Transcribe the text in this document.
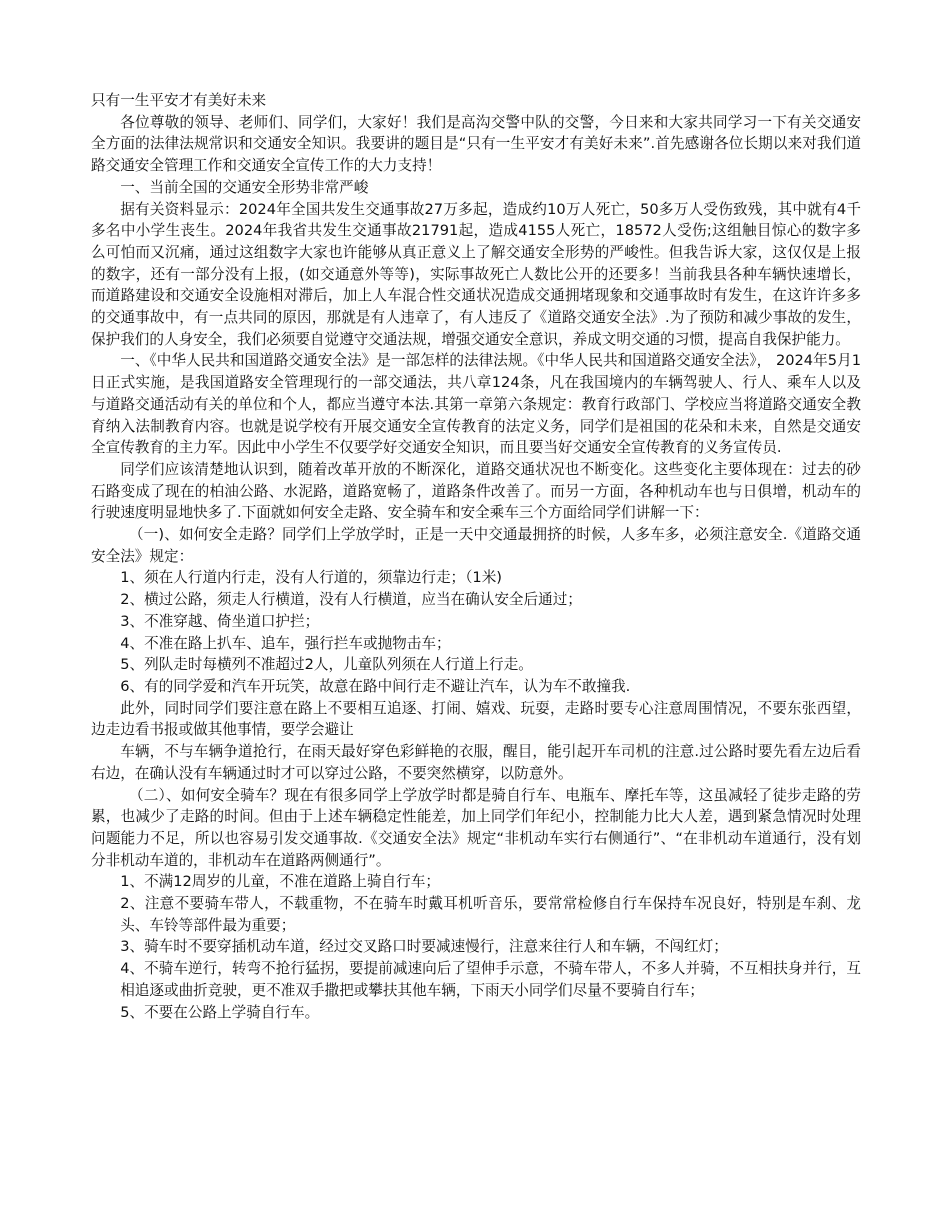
只有一生平安才有美好未来

各位尊敬的领导、老师们、同学们，大家好！我们是高沟交警中队的交警，今日来和大家共同学习一下有关交通安全方面的法律法规常识和交通安全知识。我要讲的题目是“只有一生平安才有美好未来”.首先感谢各位长期以来对我们道 路交通安全管理工作和交通安全宣传工作的大力支持！

一、当前全国的交通安全形势非常严峻

据有关资料显示：2024年全国共发生交通事故27万多起，造成约10万人死亡，50多万人受伤致残，其中就有4千多名中小学生丧生。2024年我省共发生交通事故21791起，造成4155人死亡，18572人受伤;这组触目惊心的数字多么可怕而又沉痛，通过这组数字大家也许能够从真正意义上了解交通安全形势的严峻性。但我告诉大家，这仅仅是上报的数字，还有一部分没有上报，(如交通意外等等)，实际事故死亡人数比公开的还要多！当前我县各种车辆快速增长，而道路建设和交通安全设施相对滞后，加上人车混合性交通状况造成交通拥堵现象和交通事故时有发生，在这许许多多的交通事故中，有一点共同的原因，那就是有人违章了，有人违反了《道路交通安全法》.为了预防和减少事故的发生，保护我们的人身安全，我们必须要自觉遵守交通法规，增强交通安全意识，养成文明交通的习惯，提高自我保护能力。

一、《中华人民共和国道路交通安全法》是一部怎样的法律法规。《中华人民共和国道路交通安全法》， 2024年5月1日正式实施，是我国道路安全管理现行的一部交通法，共八章124条，凡在我国境内的车辆驾驶人、行人、乘车人以及与道路交通活动有关的单位和个人，都应当遵守本法.其第一章第六条规定：教育行政部门、学校应当将道路交通安全教育纳入法制教育内容。也就是说学校有开展交通安全宣传教育的法定义务，同学们是祖国的花朵和未来，自然是交通安全宣传教育的主力军。因此中小学生不仅要学好交通安全知识，而且要当好交通安全宣传教育的义务宣传员.

同学们应该清楚地认识到，随着改革开放的不断深化，道路交通状况也不断变化。这些变化主要体现在：过去的砂石路变成了现在的柏油公路、水泥路，道路宽畅了，道路条件改善了。而另一方面，各种机动车也与日俱增，机动车的行驶速度明显地快多了.下面就如何安全走路、安全骑车和安全乘车三个方面给同学们讲解一下：

（一)、如何安全走路？同学们上学放学时，正是一天中交通最拥挤的时候，人多车多，必须注意安全.《道路交通安全法》规定：

1、须在人行道内行走，没有人行道的，须靠边行走；（1米)

2、横过公路，须走人行横道，没有人行横道，应当在确认安全后通过；

3、不准穿越、倚坐道口护拦；

4、不准在路上扒车、追车，强行拦车或抛物击车；

5、列队走时每横列不准超过2人，儿童队列须在人行道上行走。

6、有的同学爱和汽车开玩笑，故意在路中间行走不避让汽车，认为车不敢撞我.

此外，同时同学们要注意在路上不要相互追逐、打闹、嬉戏、玩耍，走路时要专心注意周围情况，不要东张西望，边走边看书报或做其他事情，要学会避让

车辆，不与车辆争道抢行，在雨天最好穿色彩鲜艳的衣服，醒目，能引起开车司机的注意.过公路时要先看左边后看右边，在确认没有车辆通过时才可以穿过公路，不要突然横穿，以防意外。

（二）、如何安全骑车？现在有很多同学上学放学时都是骑自行车、电瓶车、摩托车等，这虽减轻了徒步走路的劳累，也减少了走路的时间。但由于上述车辆稳定性能差，加上同学们年纪小，控制能力比大人差，遇到紧急情况时处理问题能力不足，所以也容易引发交通事故.《交通安全法》规定“非机动车实行右侧通行”、“在非机动车道通行，没有划分非机动车道的，非机动车在道路两侧通行”。

1、不满12周岁的儿童，不准在道路上骑自行车；

2、注意不要骑车带人，不载重物，不在骑车时戴耳机听音乐，要常常检修自行车保持车况良好，特别是车刹、龙头、车铃等部件最为重要；

3、骑车时不要穿插机动车道，经过交叉路口时要减速慢行，注意来往行人和车辆，不闯红灯；

4、不骑车逆行，转弯不抢行猛拐，要提前减速向后了望伸手示意，不骑车带人，不多人并骑，不互相扶身并行，互相追逐或曲折竞驶，更不准双手撒把或攀扶其他车辆，下雨天小同学们尽量不要骑自行车；

5、不要在公路上学骑自行车。
